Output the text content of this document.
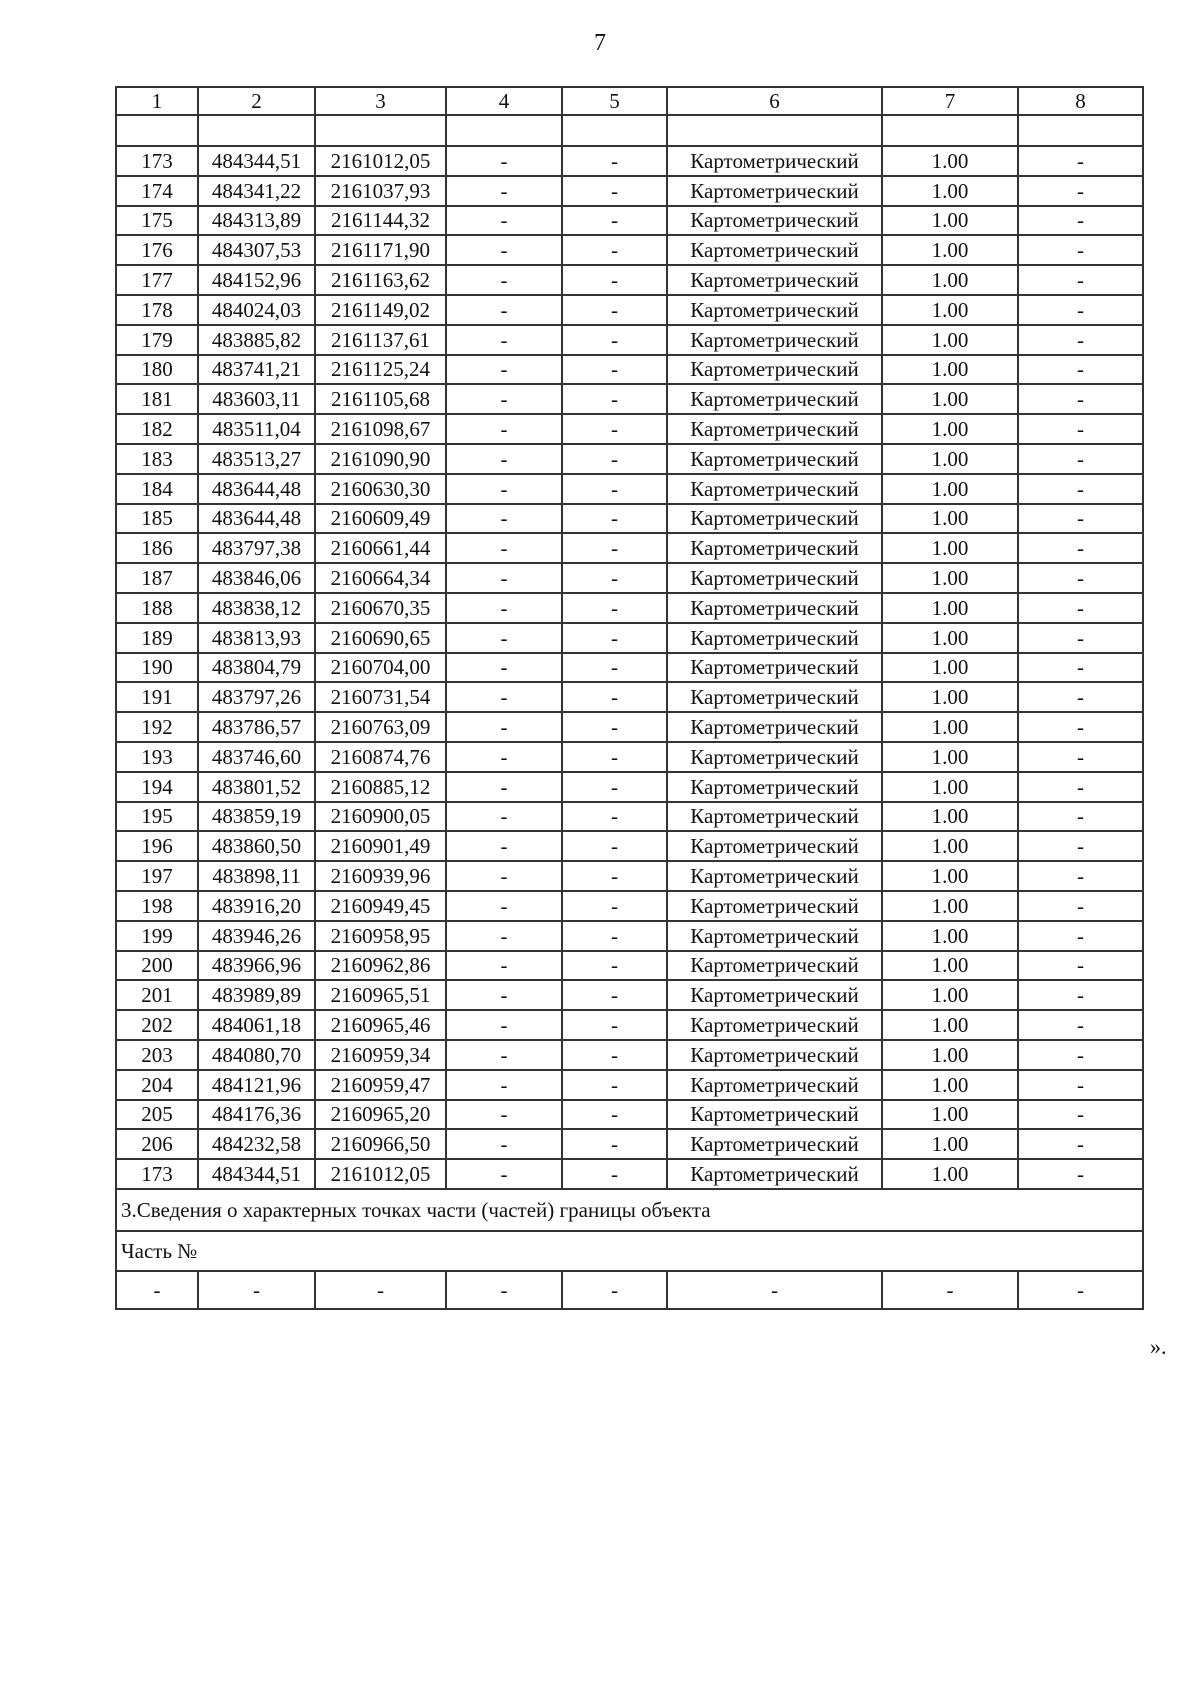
7
1	2	3	4	5	6	7	8

173	484344,51	2161012,05	-	-	Картометрический	1.00	-
174	484341,22	2161037,93	-	-	Картометрический	1.00	-
175	484313,89	2161144,32	-	-	Картометрический	1.00	-
176	484307,53	2161171,90	-	-	Картометрический	1.00	-
177	484152,96	2161163,62	-	-	Картометрический	1.00	-
178	484024,03	2161149,02	-	-	Картометрический	1.00	-
179	483885,82	2161137,61	-	-	Картометрический	1.00	-
180	483741,21	2161125,24	-	-	Картометрический	1.00	-
181	483603,11	2161105,68	-	-	Картометрический	1.00	-
182	483511,04	2161098,67	-	-	Картометрический	1.00	-
183	483513,27	2161090,90	-	-	Картометрический	1.00	-
184	483644,48	2160630,30	-	-	Картометрический	1.00	-
185	483644,48	2160609,49	-	-	Картометрический	1.00	-
186	483797,38	2160661,44	-	-	Картометрический	1.00	-
187	483846,06	2160664,34	-	-	Картометрический	1.00	-
188	483838,12	2160670,35	-	-	Картометрический	1.00	-
189	483813,93	2160690,65	-	-	Картометрический	1.00	-
190	483804,79	2160704,00	-	-	Картометрический	1.00	-
191	483797,26	2160731,54	-	-	Картометрический	1.00	-
192	483786,57	2160763,09	-	-	Картометрический	1.00	-
193	483746,60	2160874,76	-	-	Картометрический	1.00	-
194	483801,52	2160885,12	-	-	Картометрический	1.00	-
195	483859,19	2160900,05	-	-	Картометрический	1.00	-
196	483860,50	2160901,49	-	-	Картометрический	1.00	-
197	483898,11	2160939,96	-	-	Картометрический	1.00	-
198	483916,20	2160949,45	-	-	Картометрический	1.00	-
199	483946,26	2160958,95	-	-	Картометрический	1.00	-
200	483966,96	2160962,86	-	-	Картометрический	1.00	-
201	483989,89	2160965,51	-	-	Картометрический	1.00	-
202	484061,18	2160965,46	-	-	Картометрический	1.00	-
203	484080,70	2160959,34	-	-	Картометрический	1.00	-
204	484121,96	2160959,47	-	-	Картометрический	1.00	-
205	484176,36	2160965,20	-	-	Картометрический	1.00	-
206	484232,58	2160966,50	-	-	Картометрический	1.00	-
173	484344,51	2161012,05	-	-	Картометрический	1.00	-
3.Сведения о характерных точках части (частей) границы объекта							
Часть №							
-	-	-	-	-	-	-	-
».
